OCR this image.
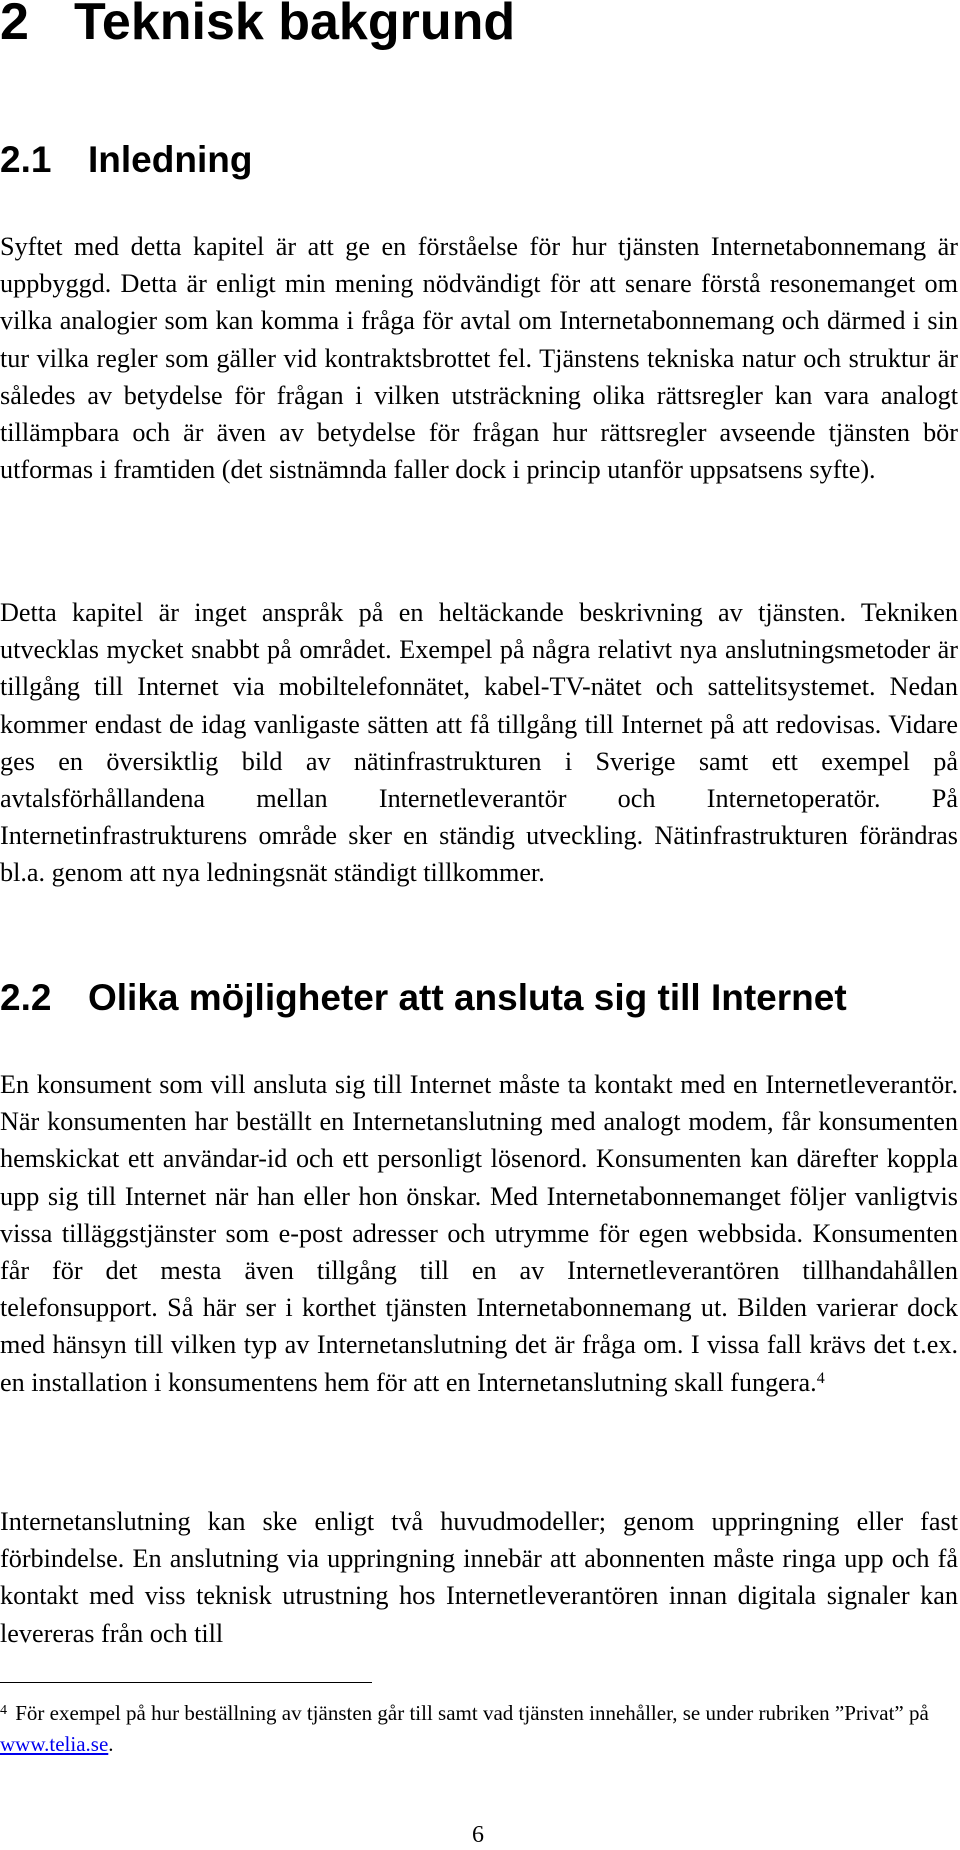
2 Teknisk bakgrund
2.1 Inledning

Syftet med detta kapitel är att ge en förståelse för hur tjänsten Internetabonnemang är uppbyggd. Detta är enligt min mening nödvändigt för att senare förstå resonemanget om vilka analogier som kan komma i fråga för avtal om Internetabonnemang och därmed i sin tur vilka regler som gäller vid kontraktsbrottet fel. Tjänstens tekniska natur och struktur är således av betydelse för frågan i vilken utsträckning olika rättsregler kan vara analogt tillämpbara och är även av betydelse för frågan hur rättsregler avseende tjänsten bör utformas i framtiden (det sistnämnda faller dock i princip utanför uppsatsens syfte).

Detta kapitel är inget anspråk på en heltäckande beskrivning av tjänsten. Tekniken utvecklas mycket snabbt på området. Exempel på några relativt nya anslutningsmetoder är tillgång till Internet via mobiltelefonnätet, kabel-TV-nätet och sattelitsystemet. Nedan kommer endast de idag vanligaste sätten att få tillgång till Internet på att redovisas. Vidare ges en översiktlig bild av nätinfrastrukturen i Sverige samt ett exempel på avtalsförhållandena mellan Internetleverantör och Internetoperatör. På Internetinfrastrukturens område sker en ständig utveckling. Nätinfrastrukturen förändras bl.a. genom att nya ledningsnät ständigt tillkommer.

2.2 Olika möjligheter att ansluta sig till Internet

En konsument som vill ansluta sig till Internet måste ta kontakt med en Internetleverantör. När konsumenten har beställt en Internetanslutning med analogt modem, får konsumenten hemskickat ett användar-id och ett personligt lösenord. Konsumenten kan därefter koppla upp sig till Internet när han eller hon önskar. Med Internetabonnemanget följer vanligtvis vissa tilläggstjänster som e-post adresser och utrymme för egen webbsida. Konsumenten får för det mesta även tillgång till en av Internetleverantören tillhandahållen telefonsupport. Så här ser i korthet tjänsten Internetabonnemang ut. Bilden varierar dock med hänsyn till vilken typ av Internetanslutning det är fråga om. I vissa fall krävs det t.ex. en installation i konsumentens hem för att en Internetanslutning skall fungera.$^4$

Internetanslutning kan ske enligt två huvudmodeller; genom uppringning eller fast förbindelse. En anslutning via uppringning innebär att abonnenten måste ringa upp och få kontakt med viss teknisk utrustning hos Internetleverantören innan digitala signaler kan levereras från och till

$^4$ För exempel på hur beställning av tjänsten går till samt vad tjänsten innehåller, se under rubriken ”Privat” på www.telia.se.

6
